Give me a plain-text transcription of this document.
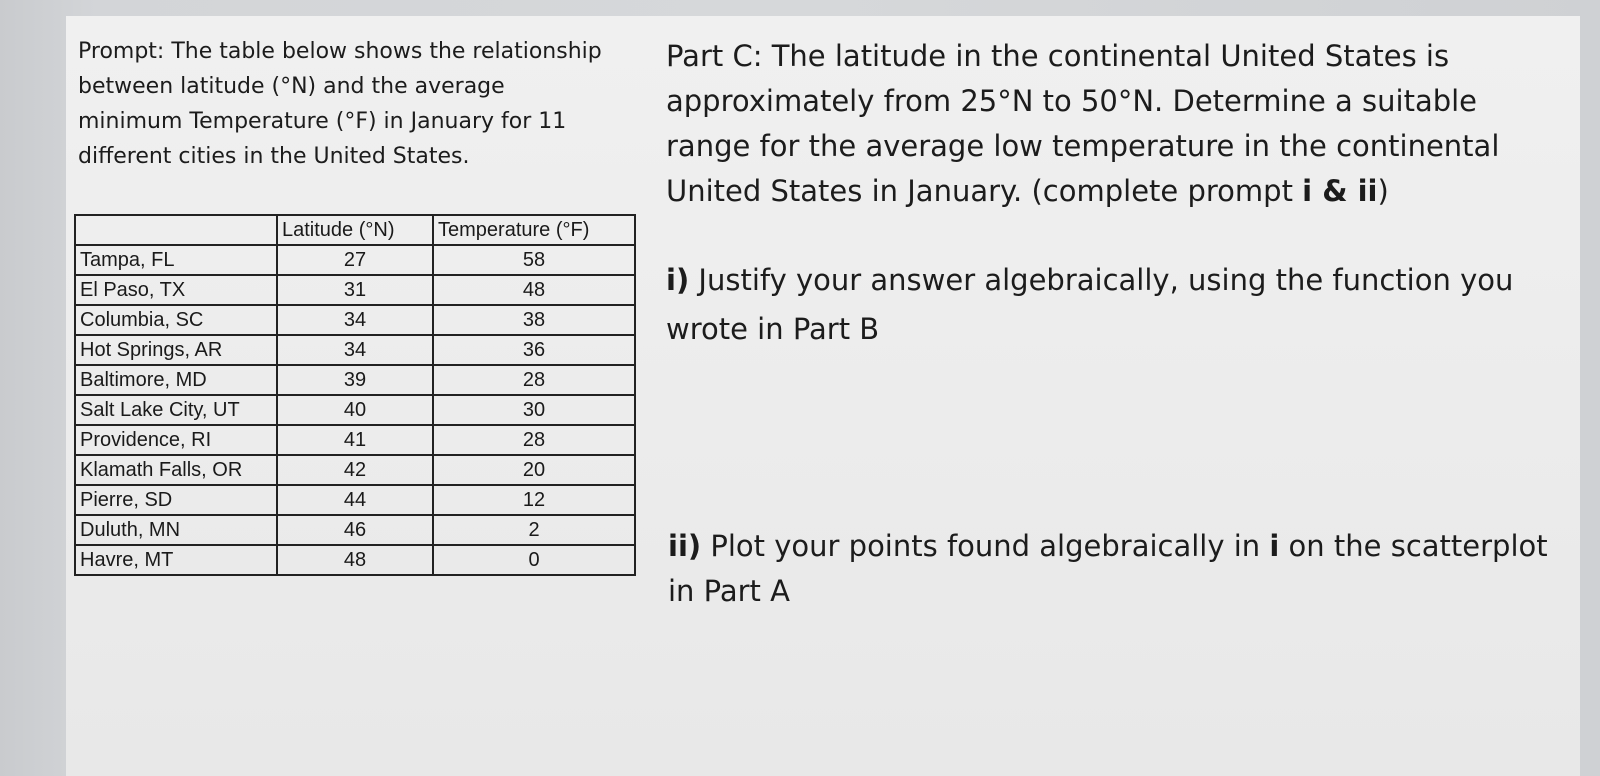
Prompt: The table below shows the relationship between latitude (°N) and the average minimum Temperature (°F) in January for 11 different cities in the United States.

	Latitude (°N)	Temperature (°F)
Tampa, FL	27	58
El Paso, TX	31	48
Columbia, SC	34	38
Hot Springs, AR	34	36
Baltimore, MD	39	28
Salt Lake City, UT	40	30
Providence, RI	41	28
Klamath Falls, OR	42	20
Pierre, SD	44	12
Duluth, MN	46	2
Havre, MT	48	0

Part C: The latitude in the continental United States is approximately from 25°N to 50°N. Determine a suitable range for the average low temperature in the continental United States in January. (complete prompt i & ii)

i) Justify your answer algebraically, using the function you wrote in Part B

ii) Plot your points found algebraically in i on the scatterplot in Part A
